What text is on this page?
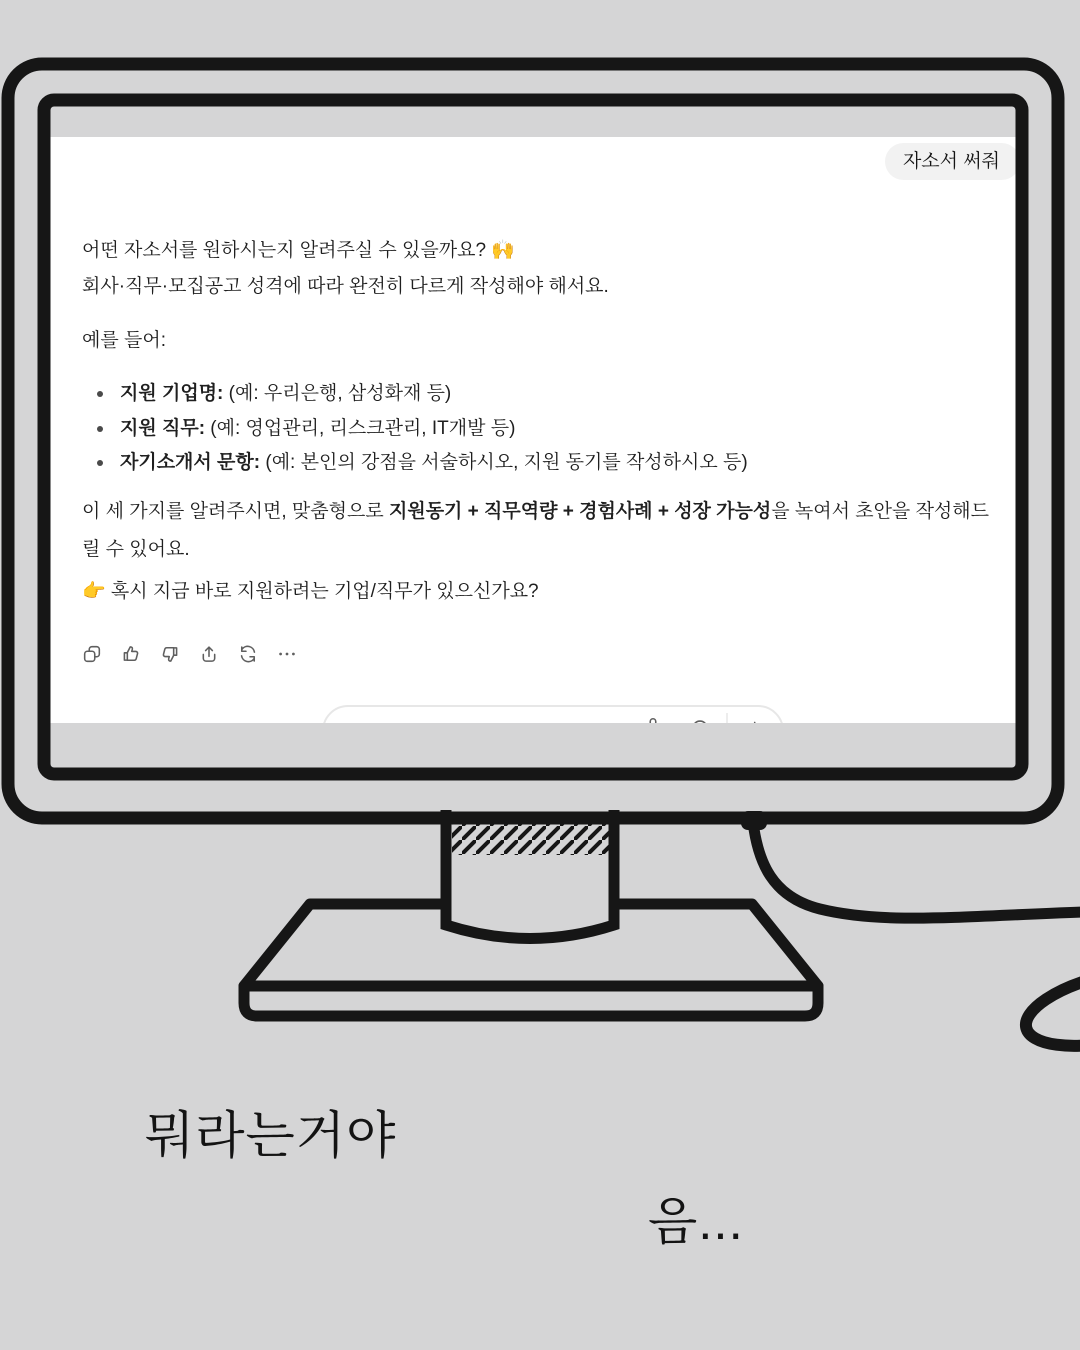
자소서 써줘
어떤 자소서를 원하시는지 알려주실 수 있을까요? 🙌
회사·직무·모집공고 성격에 따라 완전히 다르게 작성해야 해서요.
예를 들어:
지원 기업명: (예: 우리은행, 삼성화재 등)
지원 직무: (예: 영업관리, 리스크관리, IT개발 등)
자기소개서 문항: (예: 본인의 강점을 서술하시오, 지원 동기를 작성하시오 등)
이 세 가지를 알려주시면, 맞춤형으로 지원동기 + 직무역량 + 경험사례 + 성장 가능성을 녹여서 초안을 작성해드릴 수 있어요.
👉 혹시 지금 바로 지원하려는 기업/직무가 있으신가요?
뭐라는거야
음...
